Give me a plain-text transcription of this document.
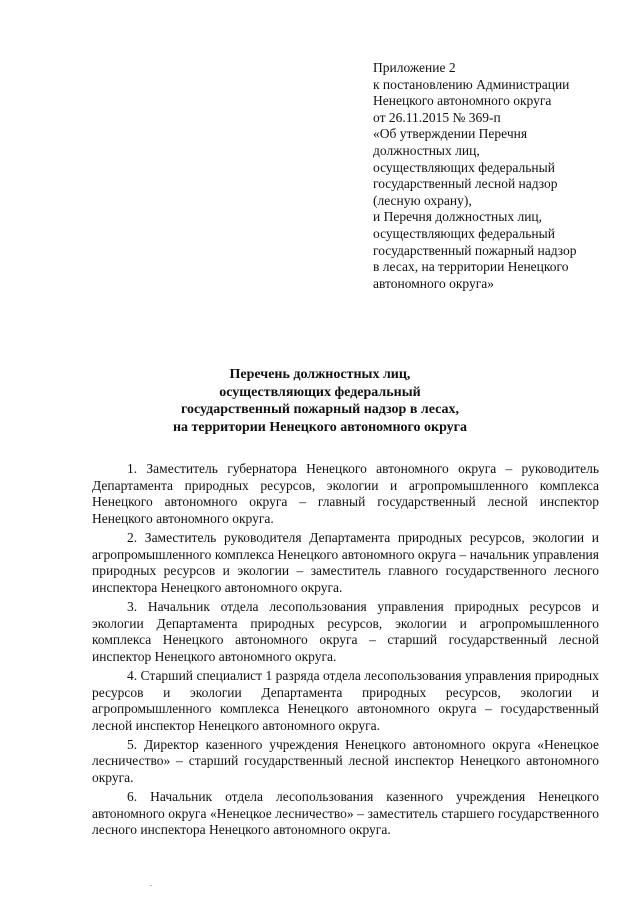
Приложение 2
к постановлению Администрации
Ненецкого автономного округа
от 26.11.2015 № 369-п
«Об утверждении Перечня
должностных лиц,
осуществляющих федеральный
государственный лесной надзор
(лесную охрану),
и Перечня должностных лиц,
осуществляющих федеральный
государственный пожарный надзор
в лесах, на территории Ненецкого
автономного округа»
Перечень должностных лиц,
осуществляющих федеральный
государственный пожарный надзор в лесах,
на территории Ненецкого автономного округа

1. Заместитель губернатора Ненецкого автономного округа – руководитель Департамента природных ресурсов, экологии и агропромышленного комплекса Ненецкого автономного округа – главный государственный лесной инспектор Ненецкого автономного округа.

2. Заместитель руководителя Департамента природных ресурсов, экологии и агропромышленного комплекса Ненецкого автономного округа – начальник управления природных ресурсов и экологии – заместитель главного государственного лесного инспектора Ненецкого автономного округа.

3. Начальник отдела лесопользования управления природных ресурсов и экологии Департамента природных ресурсов, экологии и агропромышленного комплекса Ненецкого автономного округа – старший государственный лесной инспектор Ненецкого автономного округа.

4. Старший специалист 1 разряда отдела лесопользования управления природных ресурсов и экологии Департамента природных ресурсов, экологии и агропромышленного комплекса Ненецкого автономного округа – государственный лесной инспектор Ненецкого автономного округа.

5. Директор казенного учреждения Ненецкого автономного округа «Ненецкое лесничество» – старший государственный лесной инспектор Ненецкого автономного округа.

6. Начальник отдела лесопользования казенного учреждения Ненецкого автономного округа «Ненецкое лесничество» – заместитель старшего государственного лесного инспектора Ненецкого автономного округа.
